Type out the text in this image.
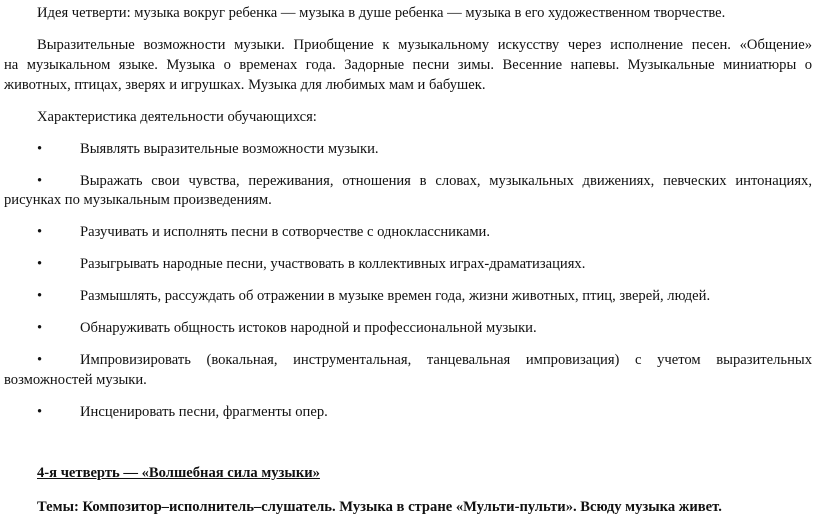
Идея четверти: музыка вокруг ребенка — музыка в душе ребенка — музыка в его художественном творчестве.
Выразительные возможности музыки. Приобщение к музыкальному искусству через исполнение песен. «Общение»
на музыкальном языке. Музыка о временах года. Задорные песни зимы. Весенние напевы. Музыкальные миниатюры о
животных, птицах, зверях и игрушках. Музыка для любимых мам и бабушек.
Характеристика деятельности обучающихся:
•	Выявлять выразительные возможности музыки.
•	Выражать свои чувства, переживания, отношения в словах, музыкальных движениях, певческих интонациях,
рисунках по музыкальным произведениям.
•	Разучивать и исполнять песни в сотворчестве с одноклассниками.
•	Разыгрывать народные песни, участвовать в коллективных играх-драматизациях.
•	Размышлять, рассуждать об отражении в музыке времен года, жизни животных, птиц, зверей, людей.
•	Обнаруживать общность истоков народной и профессиональной музыки.
•	Импровизировать (вокальная, инструментальная, танцевальная импровизация) с учетом выразительных
возможностей музыки.
•	Инсценировать песни, фрагменты опер.
4-я четверть — «Волшебная сила музыки»
Темы: Композитор–исполнитель–слушатель. Музыка в стране «Мульти-пульти». Всюду музыка живет.
